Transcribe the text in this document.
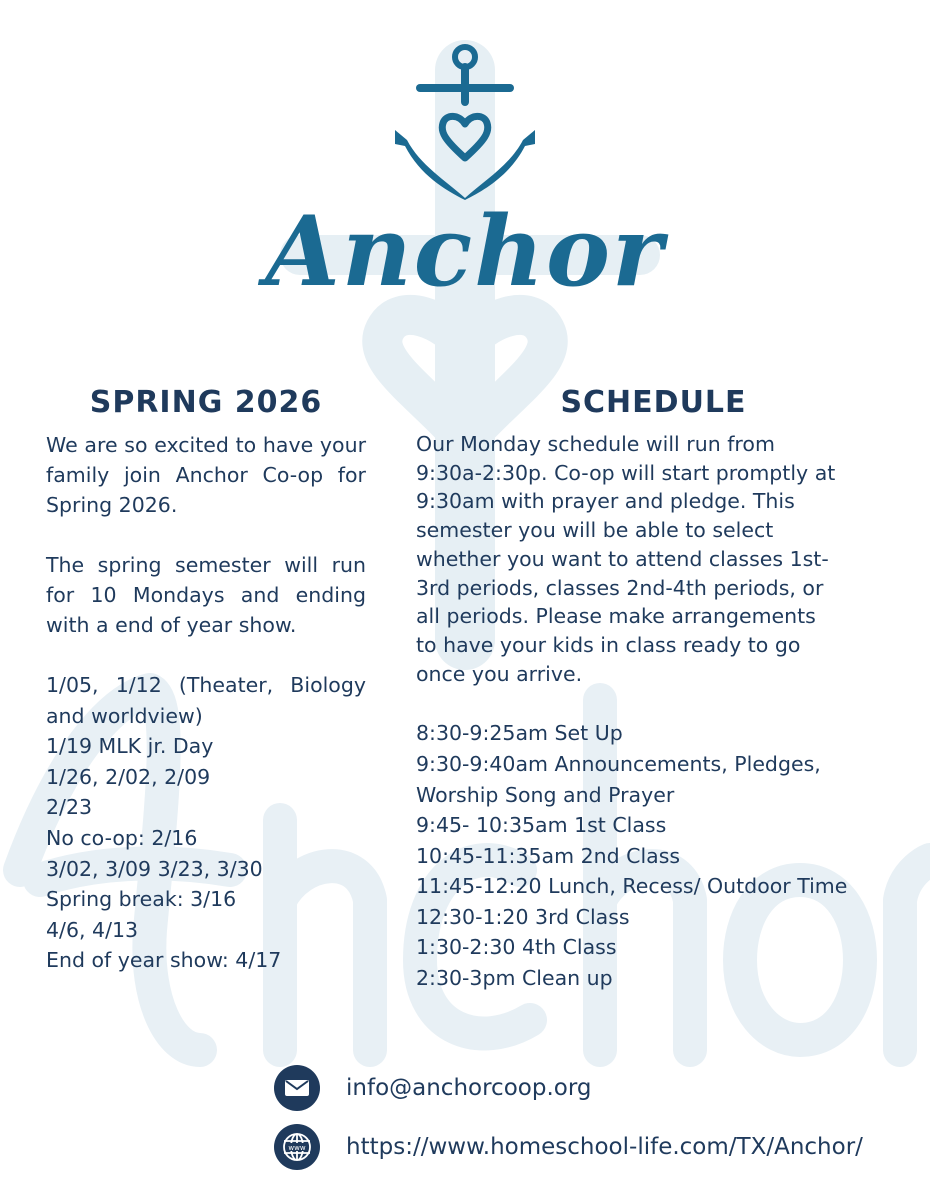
Anchor
SPRING 2026

We are so excited to have your family join Anchor Co-op for Spring 2026.

The spring semester will run for 10 Mondays and ending with a end of year show.

1/05, 1/12 (Theater, Biology
and worldview)
1/19 MLK jr. Day
1/26, 2/02, 2/09
2/23
No co-op: 2/16
3/02, 3/09 3/23, 3/30
Spring break: 3/16
4/6, 4/13
End of year show: 4/17
SCHEDULE
Our Monday schedule will run from
9:30a-2:30p. Co-op will start promptly at
9:30am with prayer and pledge. This
semester you will be able to select
whether you want to attend classes 1st-
3rd periods, classes 2nd-4th periods, or
all periods. Please make arrangements
to have your kids in class ready to go
once you arrive.
8:30-9:25am Set Up
9:30-9:40am Announcements, Pledges,
Worship Song and Prayer
9:45- 10:35am 1st Class
10:45-11:35am 2nd Class
11:45-12:20 Lunch, Recess/ Outdoor Time
12:30-1:20 3rd Class
1:30-2:30 4th Class
2:30-3pm Clean up
info@anchorcoop.org
www https://www.homeschool-life.com/TX/Anchor/
